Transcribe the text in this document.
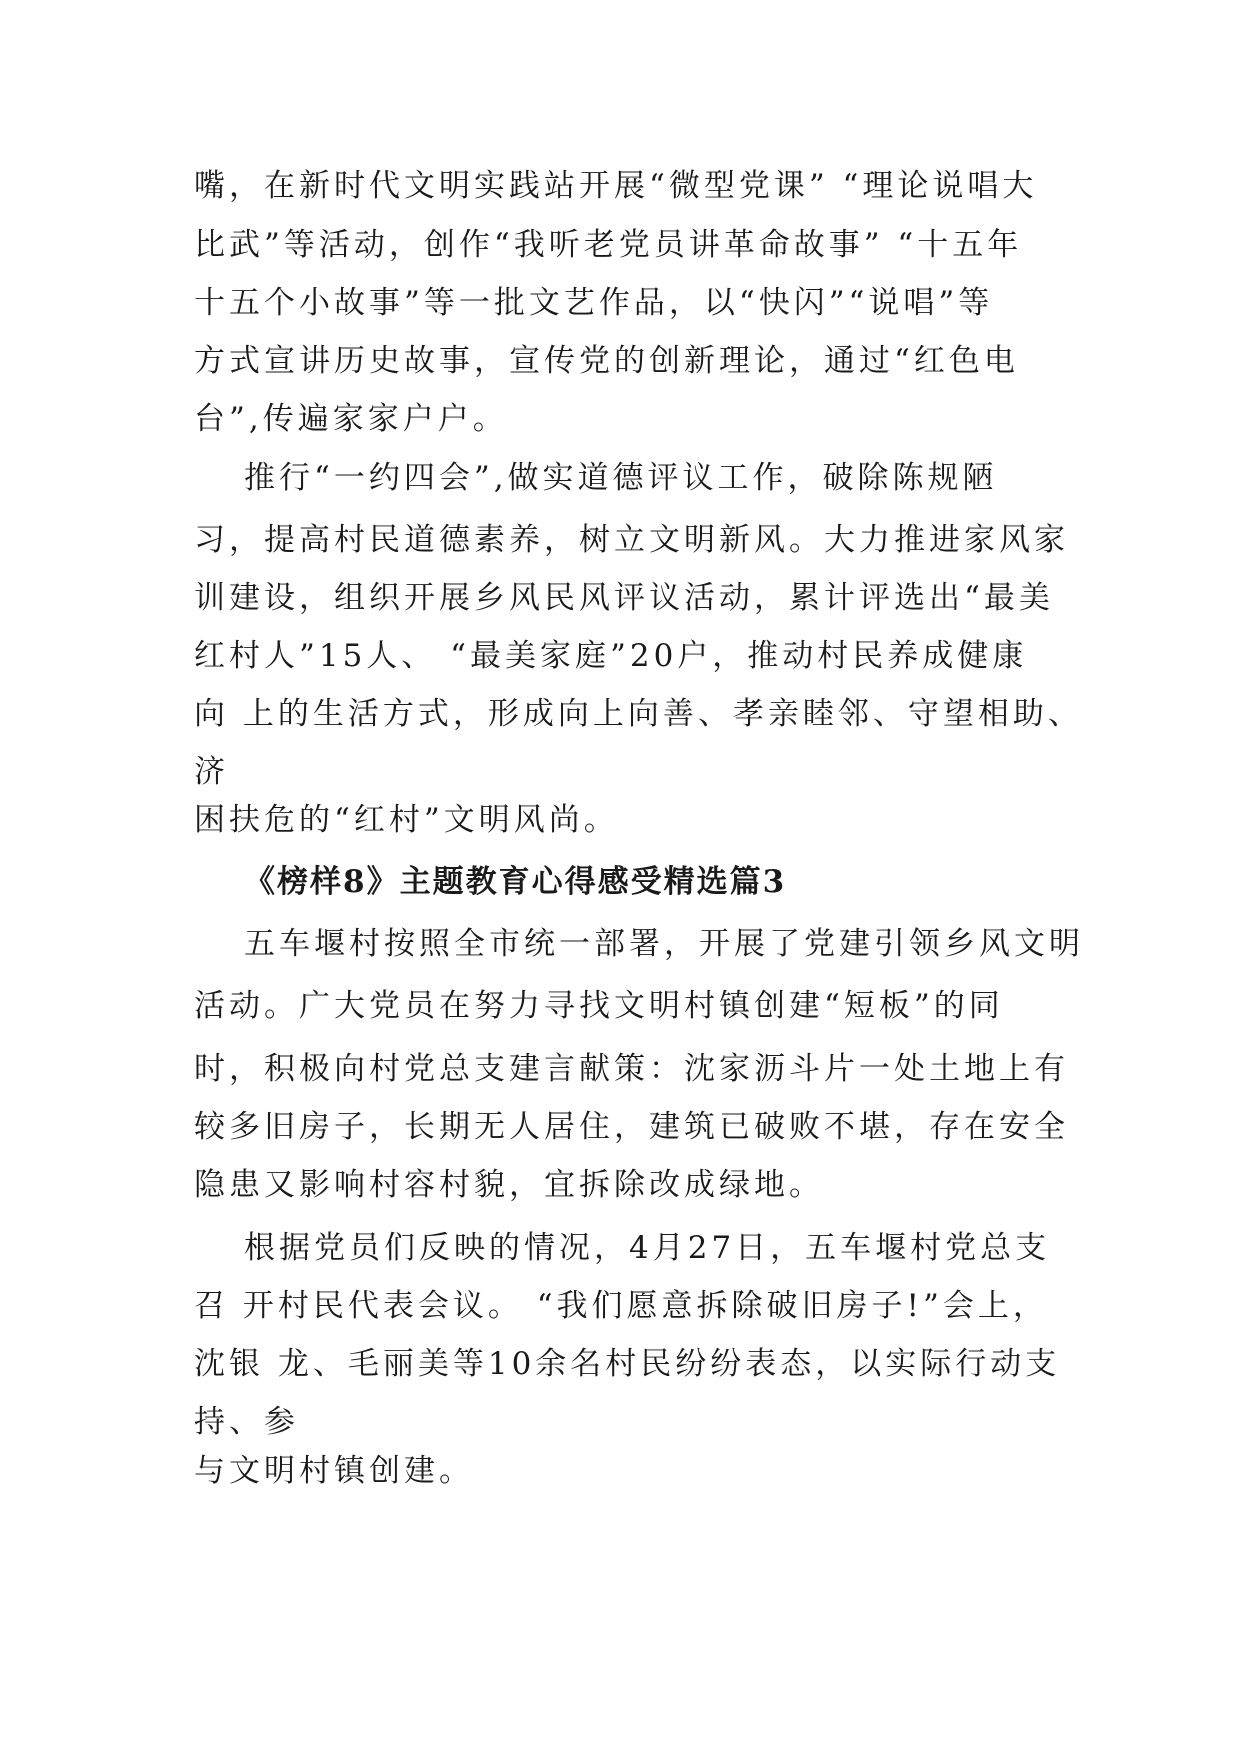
嘴，在新时代文明实践站开展“微型党课” “理论说唱大
比武”等活动，创作“我听老党员讲革命故事” “十五年
十五个小故事”等一批文艺作品，以“快闪”“说唱”等
方式宣讲历史故事，宣传党的创新理论，通过“红色电
台”,传遍家家户户。
推行“一约四会”,做实道德评议工作，破除陈规陋
习，提高村民道德素养，树立文明新风。大力推进家风家
训建设，组织开展乡风民风评议活动，累计评选出“最美
红村人”15人、 “最美家庭”20户，推动村民养成健康
向 上的生活方式，形成向上向善、孝亲睦邻、守望相助、
济
困扶危的“红村”文明风尚。
《榜样8》主题教育心得感受精选篇3
五车堰村按照全市统一部署，开展了党建引领乡风文明
活动。广大党员在努力寻找文明村镇创建“短板”的同
时，积极向村党总支建言献策：沈家沥斗片一处土地上有
较多旧房子，长期无人居住，建筑已破败不堪，存在安全
隐患又影响村容村貌，宜拆除改成绿地。
根据党员们反映的情况，4月27日，五车堰村党总支
召 开村民代表会议。 “我们愿意拆除破旧房子!”会上，
沈银 龙、毛丽美等10余名村民纷纷表态，以实际行动支
持、参
与文明村镇创建。
